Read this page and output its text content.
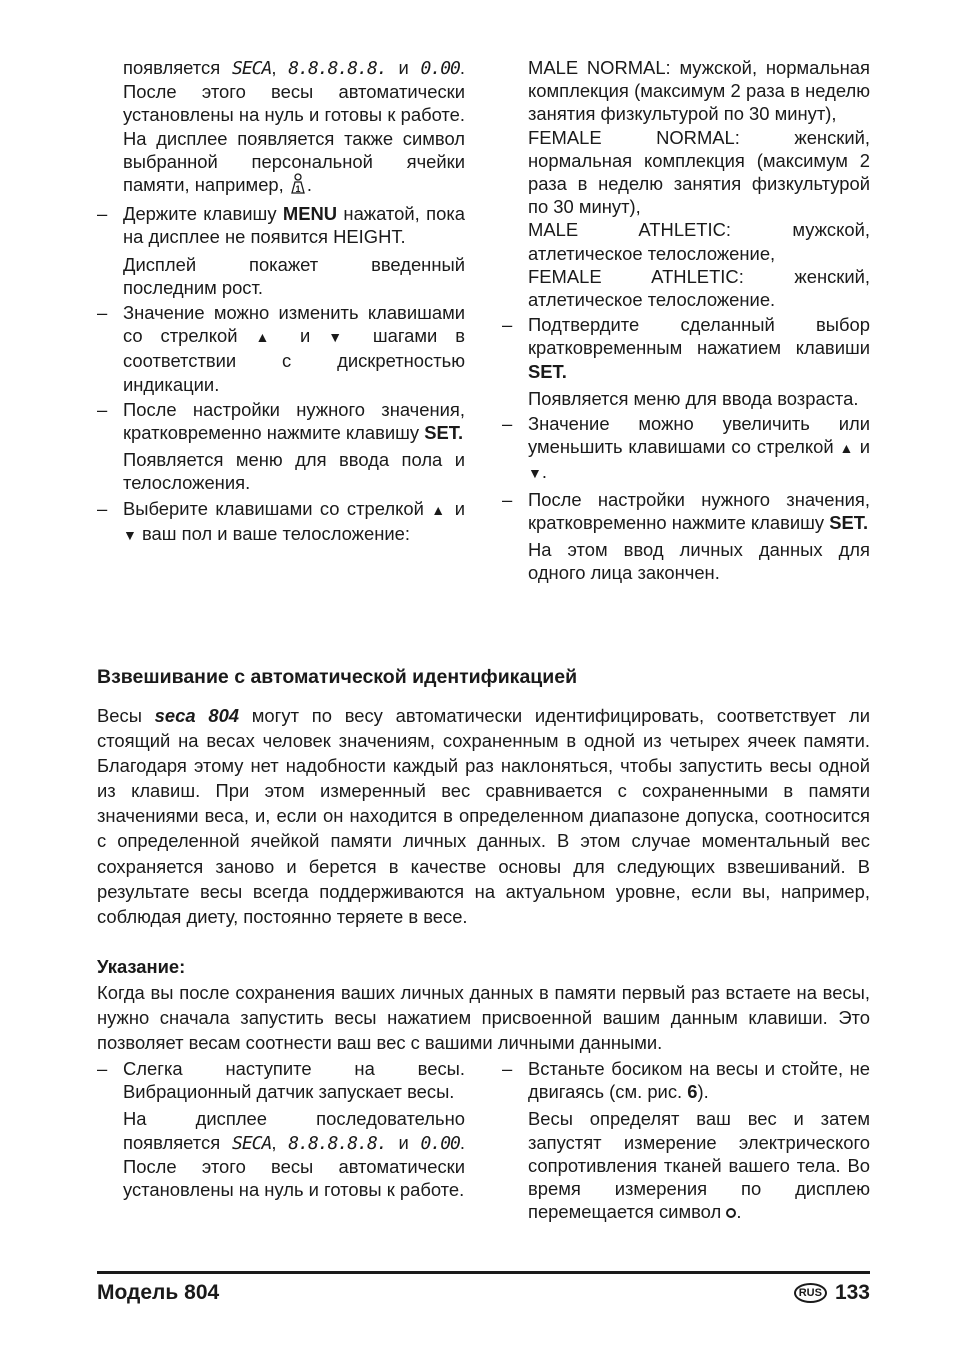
появляется SECA, 8.8.8.8.8. и 0.00. После этого весы автоматически установлены на нуль и готовы к работе. На дисплее появляется также символ выбранной персональной ячейки памяти, например, 1 .
– Держите клавишу MENU нажатой, пока на дисплее не появится HEIGHT.
Дисплей покажет введенный последним рост.
– Значение можно изменить клавишами со стрелкой ▲ и ▼ шагами в соответствии с дискретностью индикации.
– После настройки нужного значения, кратковременно нажмите клавишу SET.
Появляется меню для ввода пола и телосложения.
– Выберите клавишами со стрелкой ▲ и ▼ ваш пол и ваше телосложение:
MALE NORMAL: мужской, нормальная комплекция (максимум 2 раза в неделю занятия физкультурой по 30 минут),
FEMALE NORMAL: женский, нормальная комплекция (максимум 2 раза в неделю занятия физкультурой по 30 минут),
MALE ATHLETIC: мужской, атлетическое телосложение,
FEMALE ATHLETIC: женский, атлетическое телосложение.
– Подтвердите сделанный выбор кратковременным нажатием клавиши SET.
Появляется меню для ввода возраста.
– Значение можно увеличить или уменьшить клавишами со стрелкой ▲ и ▼.
– После настройки нужного значения, кратковременно нажмите клавишу SET.
На этом ввод личных данных для одного лица закончен.
Взвешивание с автоматической идентификацией
Весы seca 804 могут по весу автоматически идентифицировать, соответствует ли стоящий на весах человек значениям, сохраненным в одной из четырех ячеек памяти. Благодаря этому нет надобности каждый раз наклоняться, чтобы запустить весы одной из клавиш. При этом измеренный вес сравнивается с сохраненными в памяти значениями веса, и, если он находится в определенном диапазоне допуска, соотносится с определенной ячейкой памяти личных данных. В этом случае моментальный вес сохраняется заново и берется в качестве основы для следующих взвешиваний. В результате весы всегда поддерживаются на актуальном уровне, если вы, например, соблюдая диету, постоянно теряете в весе.
Указание:
Когда вы после сохранения ваших личных данных в памяти первый раз встаете на весы, нужно сначала запустить весы нажатием присвоенной вашим данным клавиши. Это позволяет весам соотнести ваш вес с вашими личными данными.
– Слегка наступите на весы. Вибрационный датчик запускает весы.
На дисплее последовательно появляется SECA, 8.8.8.8.8. и 0.00. После этого весы автоматически установлены на нуль и готовы к работе.
– Встаньте босиком на весы и стойте, не двигаясь (см. рис. 6).
Весы определят ваш вес и затем запустят измерение электрического сопротивления тканей вашего тела. Во время измерения по дисплею перемещается символ .
Модель 804	RUS 133
